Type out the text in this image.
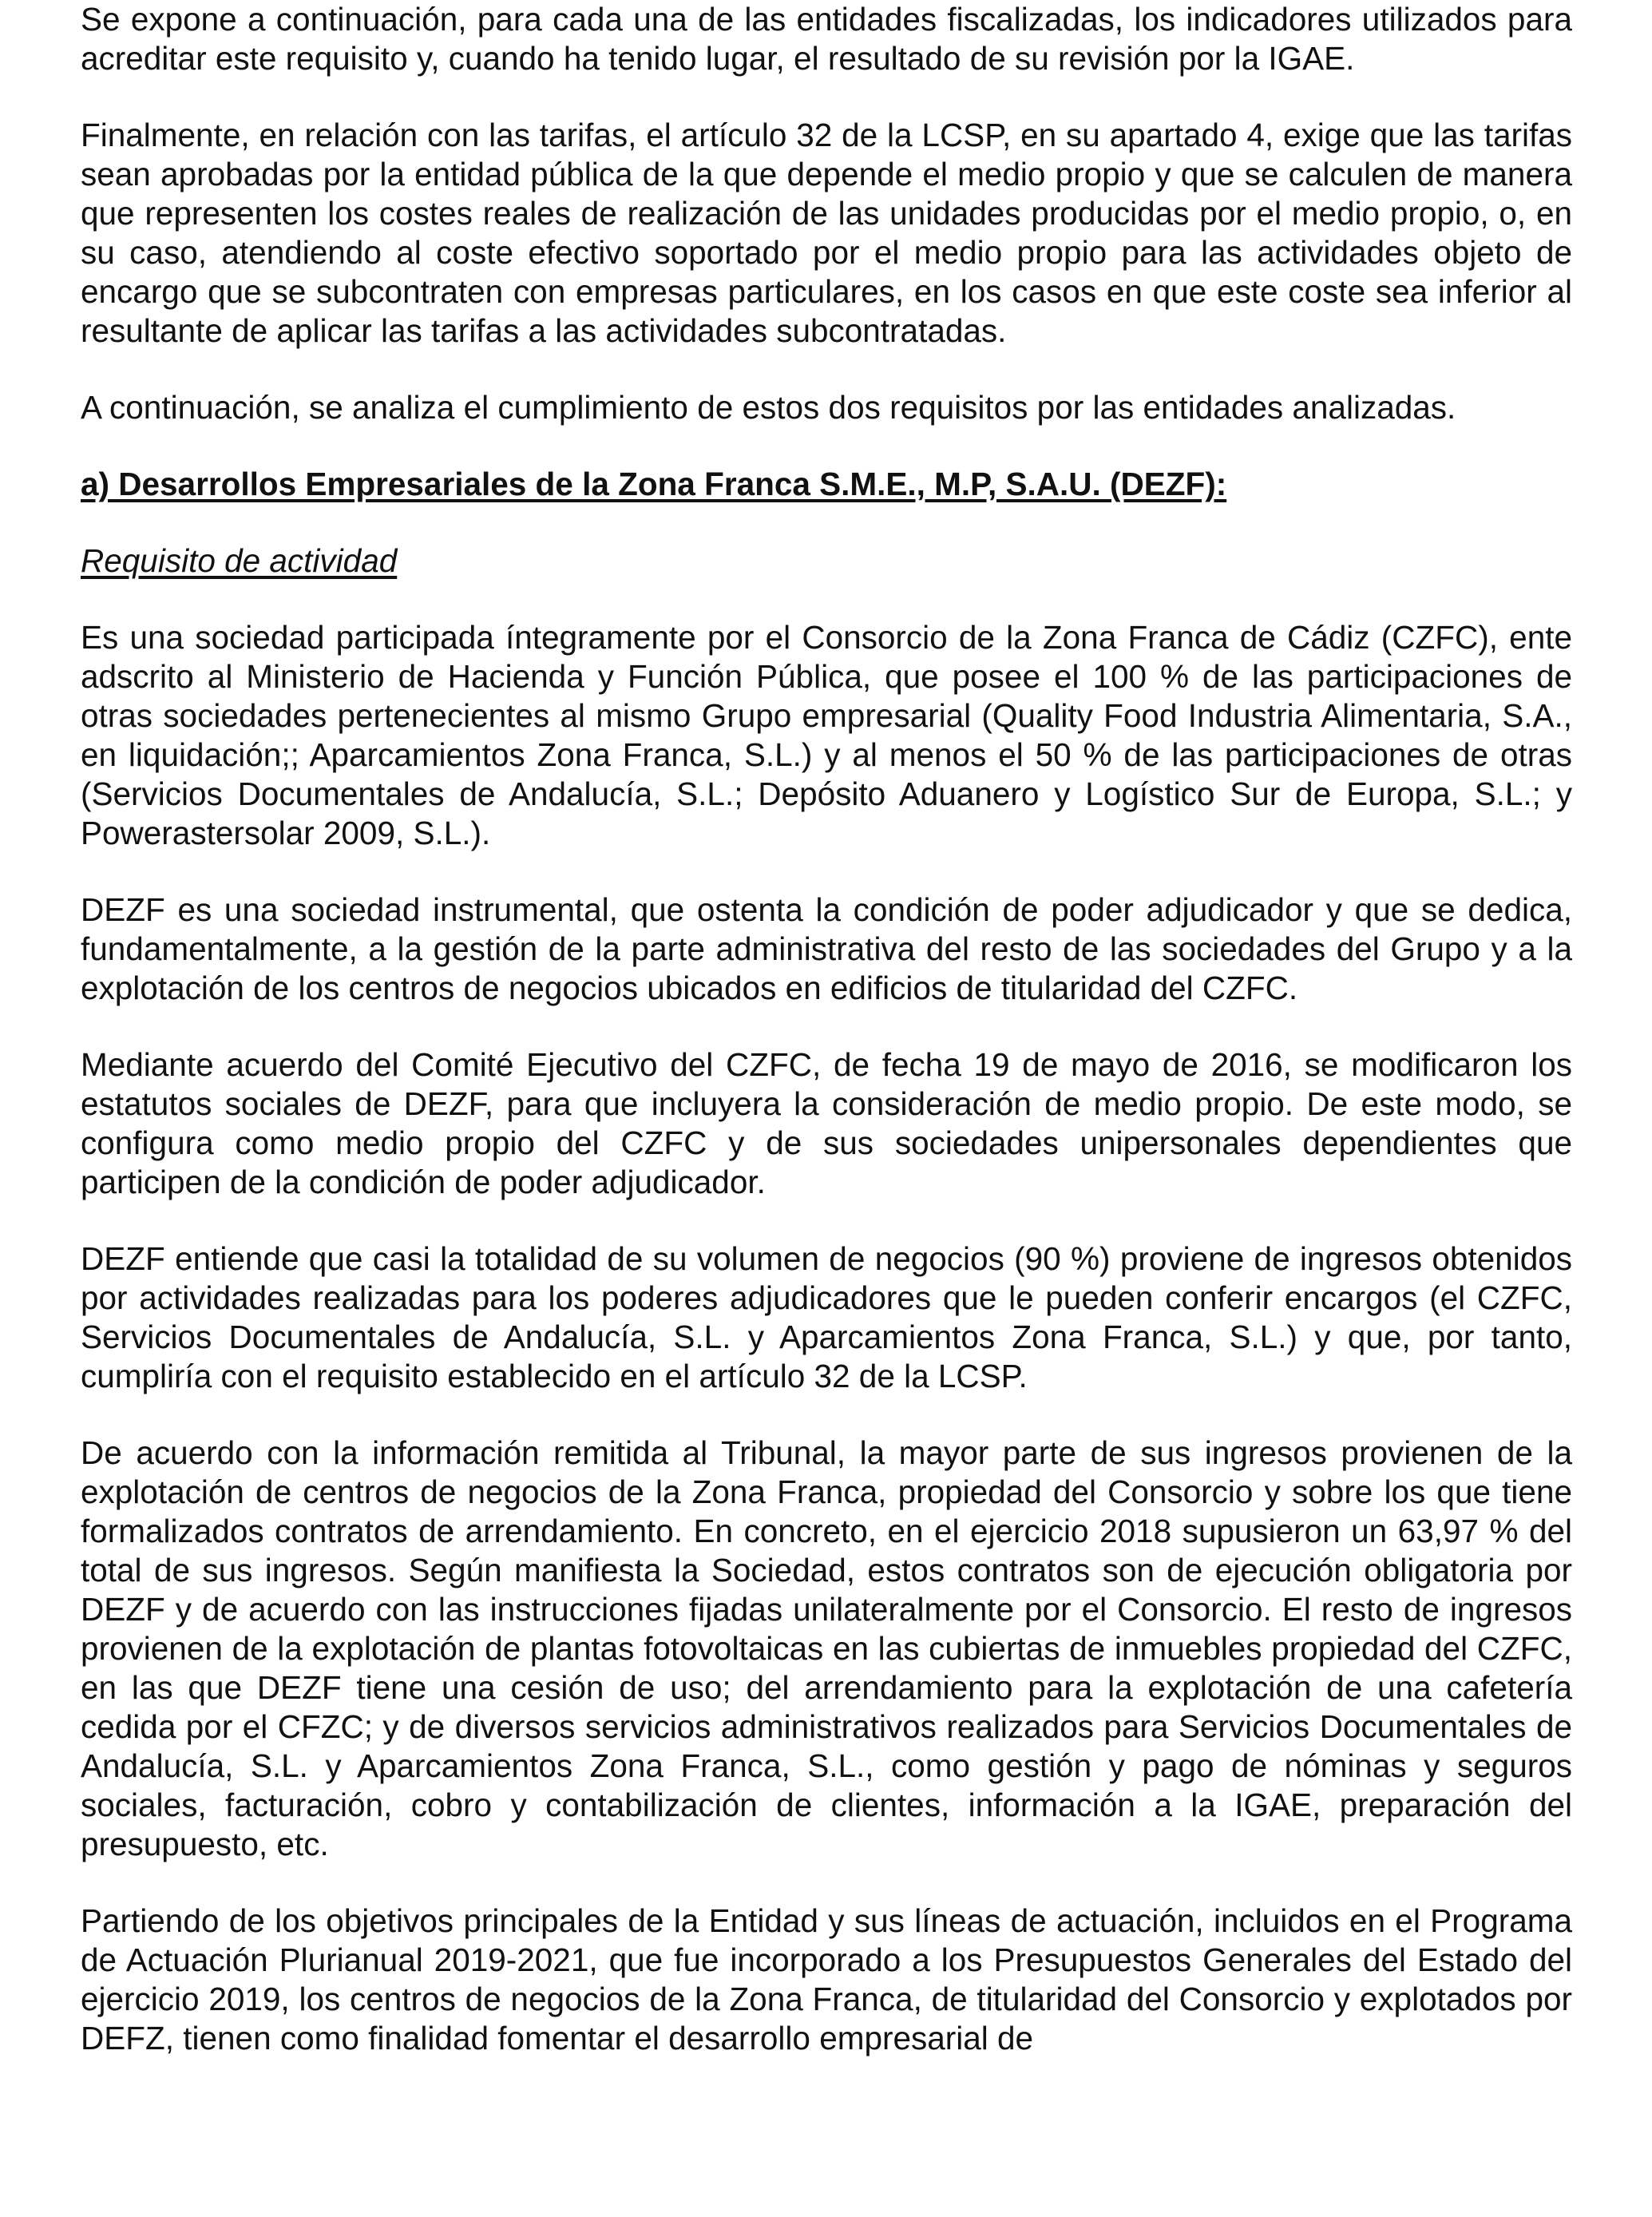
Se expone a continuación, para cada una de las entidades fiscalizadas, los indicadores utilizados para acreditar este requisito y, cuando ha tenido lugar, el resultado de su revisión por la IGAE.

Finalmente, en relación con las tarifas, el artículo 32 de la LCSP, en su apartado 4, exige que las tarifas sean aprobadas por la entidad pública de la que depende el medio propio y que se calculen de manera que representen los costes reales de realización de las unidades producidas por el medio propio, o, en su caso, atendiendo al coste efectivo soportado por el medio propio para las actividades objeto de encargo que se subcontraten con empresas particulares, en los casos en que este coste sea inferior al resultante de aplicar las tarifas a las actividades subcontratadas.

A continuación, se analiza el cumplimiento de estos dos requisitos por las entidades analizadas.

a) Desarrollos Empresariales de la Zona Franca S.M.E., M.P, S.A.U. (DEZF):

Requisito de actividad

Es una sociedad participada íntegramente por el Consorcio de la Zona Franca de Cádiz (CZFC), ente adscrito al Ministerio de Hacienda y Función Pública, que posee el 100 % de las participaciones de otras sociedades pertenecientes al mismo Grupo empresarial (Quality Food Industria Alimentaria, S.A., en liquidación;; Aparcamientos Zona Franca, S.L.) y al menos el 50 % de las participaciones de otras (Servicios Documentales de Andalucía, S.L.; Depósito Aduanero y Logístico Sur de Europa, S.L.; y Powerastersolar 2009, S.L.).

DEZF es una sociedad instrumental, que ostenta la condición de poder adjudicador y que se dedica, fundamentalmente, a la gestión de la parte administrativa del resto de las sociedades del Grupo y a la explotación de los centros de negocios ubicados en edificios de titularidad del CZFC.

Mediante acuerdo del Comité Ejecutivo del CZFC, de fecha 19 de mayo de 2016, se modificaron los estatutos sociales de DEZF, para que incluyera la consideración de medio propio. De este modo, se configura como medio propio del CZFC y de sus sociedades unipersonales dependientes que participen de la condición de poder adjudicador.

DEZF entiende que casi la totalidad de su volumen de negocios (90 %) proviene de ingresos obtenidos por actividades realizadas para los poderes adjudicadores que le pueden conferir encargos (el CZFC, Servicios Documentales de Andalucía, S.L. y Aparcamientos Zona Franca, S.L.) y que, por tanto, cumpliría con el requisito establecido en el artículo 32 de la LCSP.

De acuerdo con la información remitida al Tribunal, la mayor parte de sus ingresos provienen de la explotación de centros de negocios de la Zona Franca, propiedad del Consorcio y sobre los que tiene formalizados contratos de arrendamiento. En concreto, en el ejercicio 2018 supusieron un 63,97 % del total de sus ingresos. Según manifiesta la Sociedad, estos contratos son de ejecución obligatoria por DEZF y de acuerdo con las instrucciones fijadas unilateralmente por el Consorcio. El resto de ingresos provienen de la explotación de plantas fotovoltaicas en las cubiertas de inmuebles propiedad del CZFC, en las que DEZF tiene una cesión de uso; del arrendamiento para la explotación de una cafetería cedida por el CFZC; y de diversos servicios administrativos realizados para Servicios Documentales de Andalucía, S.L. y Aparcamientos Zona Franca, S.L., como gestión y pago de nóminas y seguros sociales, facturación, cobro y contabilización de clientes, información a la IGAE, preparación del presupuesto, etc.

Partiendo de los objetivos principales de la Entidad y sus líneas de actuación, incluidos en el Programa de Actuación Plurianual 2019-2021, que fue incorporado a los Presupuestos Generales del Estado del ejercicio 2019, los centros de negocios de la Zona Franca, de titularidad del Consorcio y explotados por DEFZ, tienen como finalidad fomentar el desarrollo empresarial de
